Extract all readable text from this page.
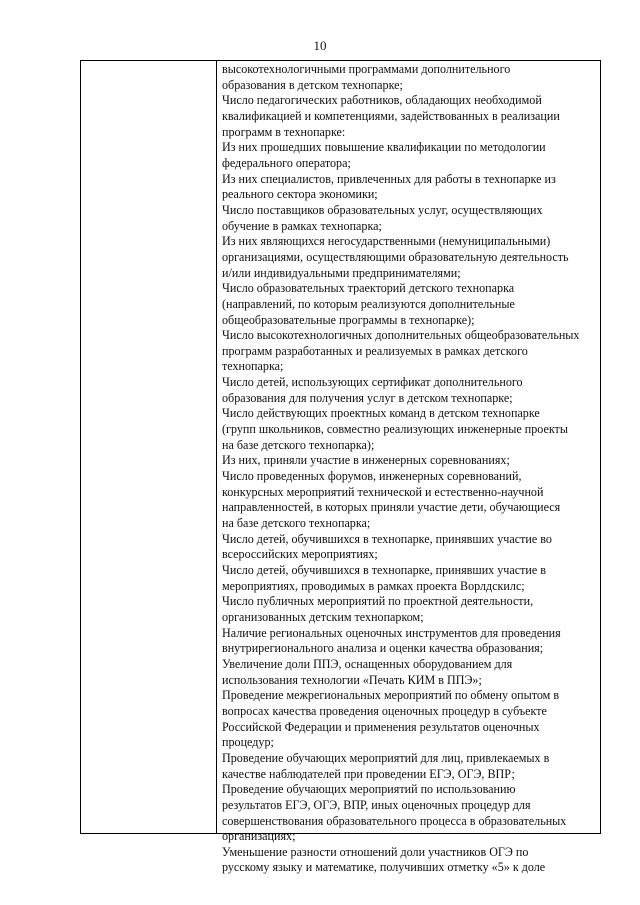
10
высокотехнологичными программами дополнительного
образования в детском технопарке;
Число педагогических работников, обладающих необходимой
квалификацией и компетенциями, задействованных в реализации
программ в технопарке:
Из них прошедших повышение квалификации по методологии
федерального оператора;
Из них специалистов, привлеченных для работы в технопарке из
реального сектора экономики;
Число поставщиков образовательных услуг, осуществляющих
обучение в рамках технопарка;
Из них являющихся негосударственными (немуниципальными)
организациями, осуществляющими образовательную деятельность
и/или индивидуальными предпринимателями;
Число образовательных траекторий детского технопарка
(направлений, по которым реализуются дополнительные
общеобразовательные программы в технопарке);
Число высокотехнологичных дополнительных общеобразовательных
программ разработанных и реализуемых в рамках детского
технопарка;
Число детей, использующих сертификат дополнительного
образования для получения услуг в детском технопарке;
Число действующих проектных команд в детском технопарке
(групп школьников, совместно реализующих инженерные проекты
на базе детского технопарка);
Из них, приняли участие в инженерных соревнованиях;
Число проведенных форумов, инженерных соревнований,
конкурсных мероприятий технической и естественно-научной
направленностей, в которых приняли участие дети, обучающиеся
на базе детского технопарка;
Число детей, обучившихся в технопарке, принявших участие во
всероссийских мероприятиях;
Число детей, обучившихся в технопарке, принявших участие в
мероприятиях, проводимых в рамках проекта Ворлдскилс;
Число публичных мероприятий по проектной деятельности,
организованных детским технопарком;
Наличие региональных оценочных инструментов для проведения
внутрирегионального анализа и оценки качества образования;
Увеличение доли ППЭ, оснащенных оборудованием для
использования технологии «Печать КИМ в ППЭ»;
Проведение межрегиональных мероприятий по обмену опытом в
вопросах качества проведения оценочных процедур в субъекте
Российской Федерации и применения результатов оценочных
процедур;
Проведение обучающих мероприятий для лиц, привлекаемых в
качестве наблюдателей при проведении ЕГЭ, ОГЭ, ВПР;
Проведение обучающих мероприятий по использованию
результатов ЕГЭ, ОГЭ, ВПР, иных оценочных процедур для
совершенствования образовательного процесса в образовательных
организациях;
Уменьшение разности отношений доли участников ОГЭ по
русскому языку и математике, получивших отметку «5» к доле
